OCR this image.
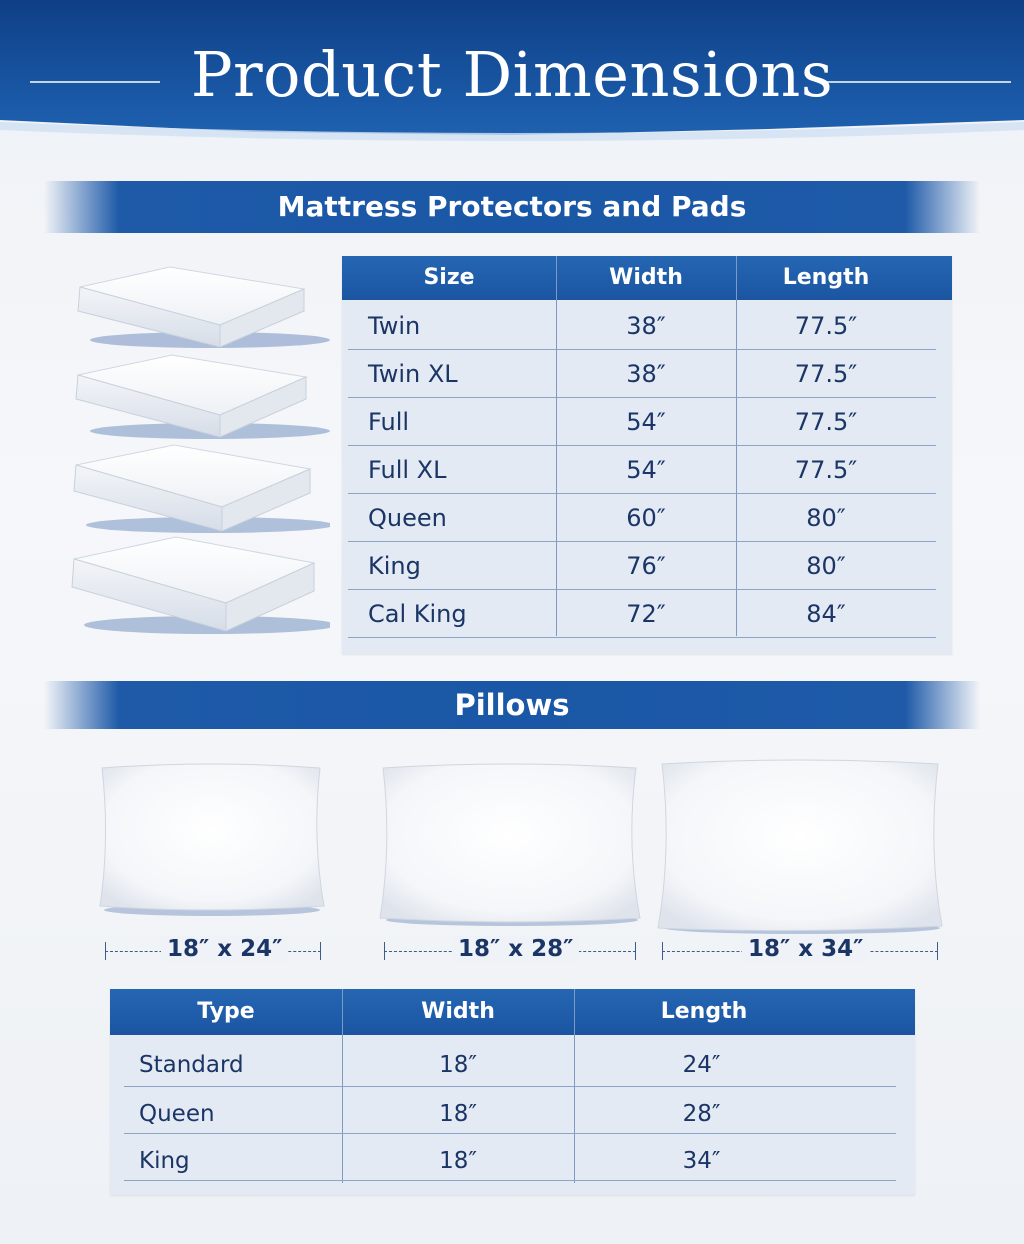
Product Dimensions
Mattress Protectors and Pads
Size	Width	Length
Twin	38″	77.5″
Twin XL	38″	77.5″
Full	54″	77.5″
Full XL	54″	77.5″
Queen	60″	80″
King	76″	80″
Cal King	72″	84″
Pillows
18″ x 24″	18″ x 28″	18″ x 34″
Type	Width	Length
Standard	18″	24″
Queen	18″	28″
King	18″	34″
